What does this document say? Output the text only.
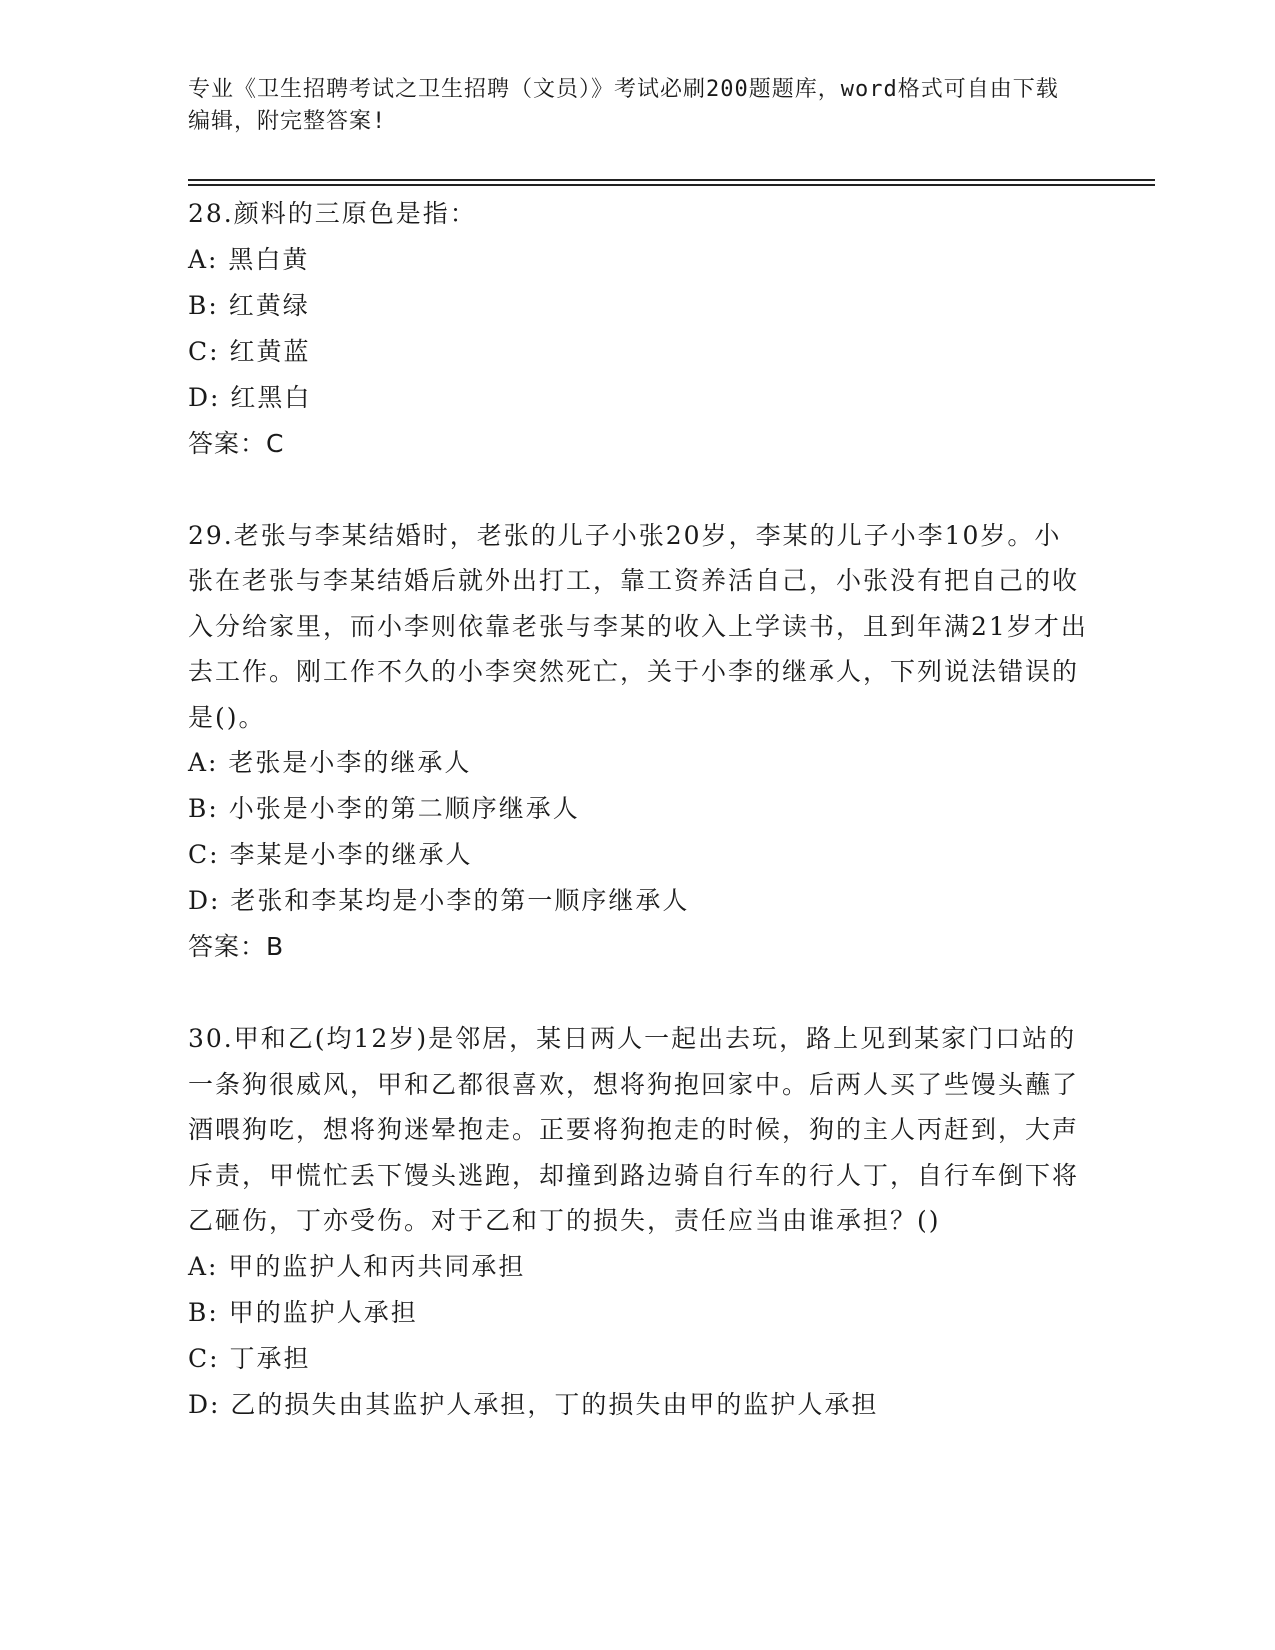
专业《卫生招聘考试之卫生招聘（文员）》考试必刷200题题库，word格式可自由下载编辑，附完整答案!

28.颜料的三原色是指：

A: 黑白黄

B: 红黄绿

C: 红黄蓝

D: 红黑白

答案：C

29.老张与李某结婚时，老张的儿子小张20岁，李某的儿子小李10岁。小张在老张与李某结婚后就外出打工，靠工资养活自己，小张没有把自己的收入分给家里，而小李则依靠老张与李某的收入上学读书，且到年满21岁才出去工作。刚工作不久的小李突然死亡，关于小李的继承人，下列说法错误的是()。

A: 老张是小李的继承人

B: 小张是小李的第二顺序继承人

C: 李某是小李的继承人

D: 老张和李某均是小李的第一顺序继承人

答案：B

30.甲和乙(均12岁)是邻居，某日两人一起出去玩，路上见到某家门口站的一条狗很威风，甲和乙都很喜欢，想将狗抱回家中。后两人买了些馒头蘸了酒喂狗吃，想将狗迷晕抱走。正要将狗抱走的时候，狗的主人丙赶到，大声斥责，甲慌忙丢下馒头逃跑，却撞到路边骑自行车的行人丁，自行车倒下将乙砸伤，丁亦受伤。对于乙和丁的损失，责任应当由谁承担？()

A: 甲的监护人和丙共同承担

B: 甲的监护人承担

C: 丁承担

D: 乙的损失由其监护人承担，丁的损失由甲的监护人承担
